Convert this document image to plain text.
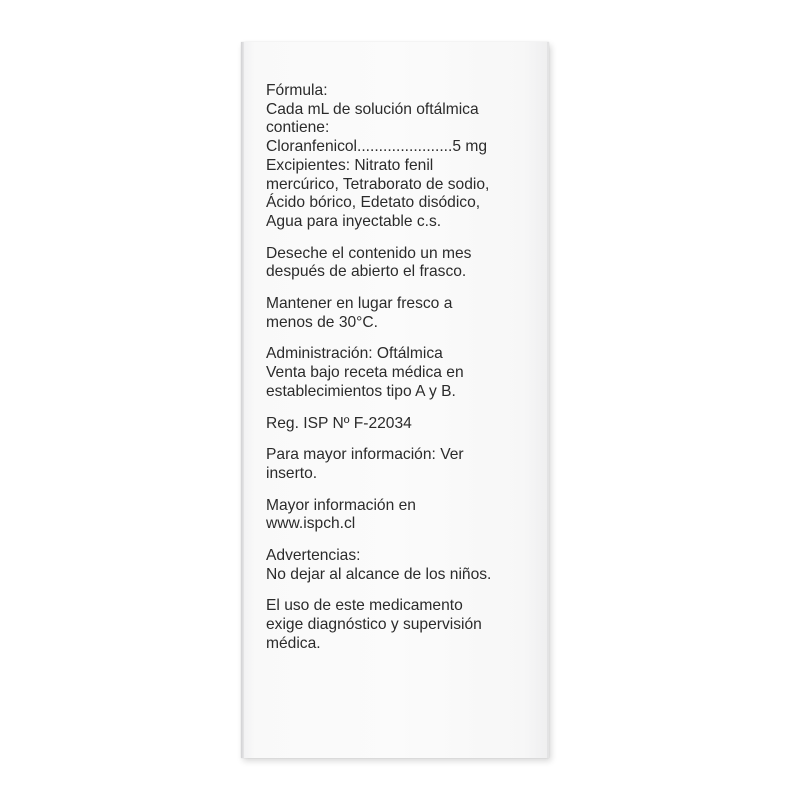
Fórmula:
Cada mL de solución oftálmica
contiene:
Cloranfenicol......................5 mg
Excipientes: Nitrato fenil
mercúrico, Tetraborato de sodio,
Ácido bórico, Edetato disódico,
Agua para inyectable c.s.

Deseche el contenido un mes
después de abierto el frasco.

Mantener en lugar fresco a
menos de 30°C.

Administración: Oftálmica
Venta bajo receta médica en
establecimientos tipo A y B.

Reg. ISP Nº F-22034

Para mayor información: Ver
inserto.

Mayor información en
www.ispch.cl

Advertencias:
No dejar al alcance de los niños.

El uso de este medicamento
exige diagnóstico y supervisión
médica.
